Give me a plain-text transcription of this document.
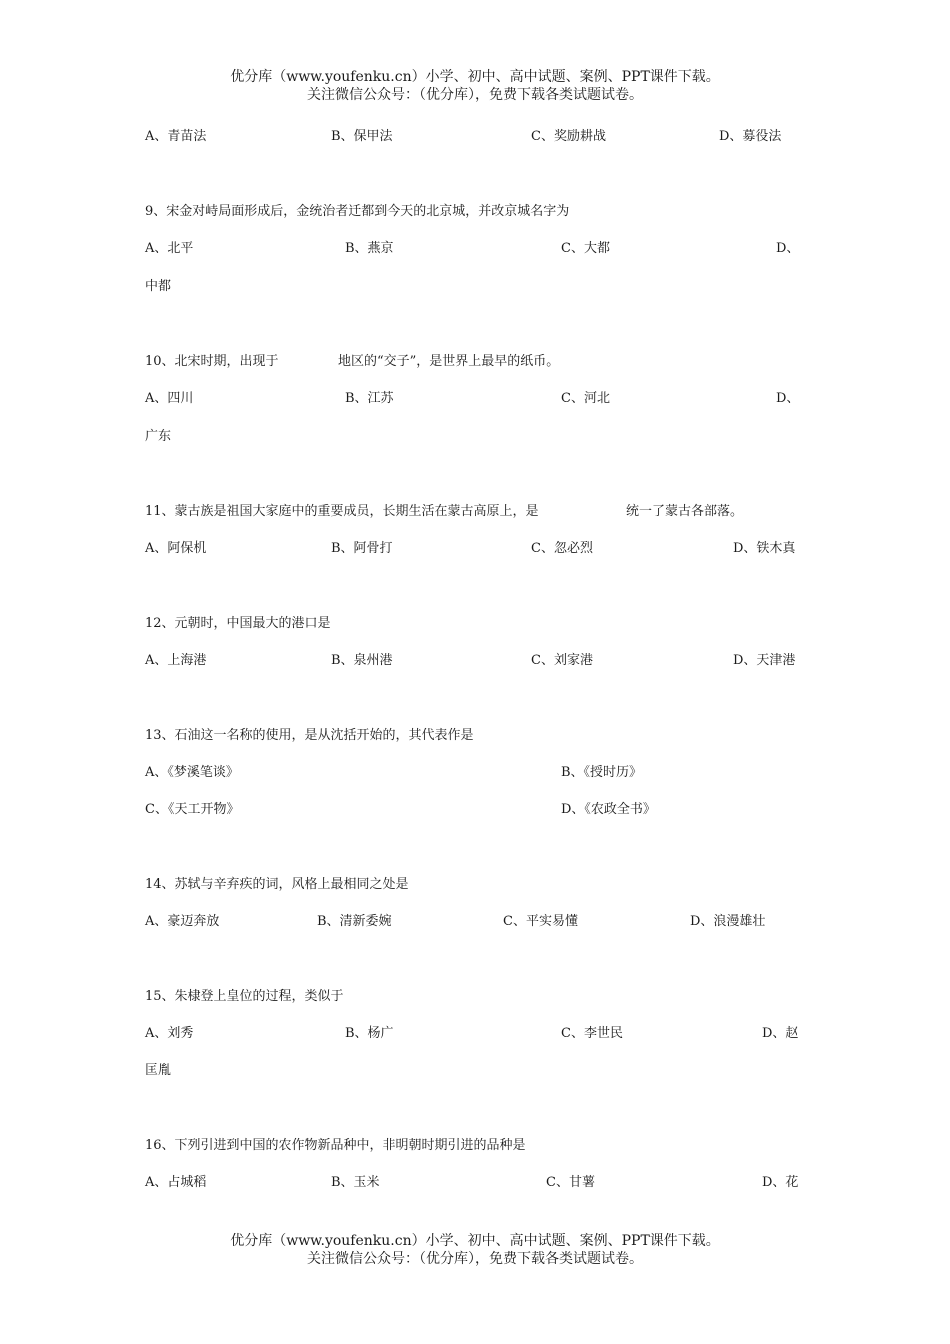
优分库（www.youfenku.cn）小学、初中、高中试题、案例、PPT课件下载。
关注微信公众号：（优分库），免费下载各类试题试卷。
A、青苗法	B、保甲法	C、奖励耕战	D、募役法
9、宋金对峙局面形成后，金统治者迁都到今天的北京城，并改京城名字为
A、北平	B、燕京	C、大都	D、
中都
10、北宋时期，出现于	地区的“交子”，是世界上最早的纸币。
A、四川	B、江苏	C、河北	D、
广东
11、蒙古族是祖国大家庭中的重要成员，长期生活在蒙古高原上，是	统一了蒙古各部落。
A、阿保机	B、阿骨打	C、忽必烈	D、铁木真
12、元朝时，中国最大的港口是
A、上海港	B、泉州港	C、刘家港	D、天津港
13、石油这一名称的使用，是从沈括开始的，其代表作是
A、《梦溪笔谈》	B、《授时历》
C、《天工开物》	D、《农政全书》
14、苏轼与辛弃疾的词，风格上最相同之处是
A、豪迈奔放	B、清新委婉	C、平实易懂	D、浪漫雄壮
15、朱棣登上皇位的过程，类似于
A、刘秀	B、杨广	C、李世民	D、赵
匡胤
16、下列引进到中国的农作物新品种中，非明朝时期引进的品种是
A、占城稻	B、玉米	C、甘薯	D、花
优分库（www.youfenku.cn）小学、初中、高中试题、案例、PPT课件下载。
关注微信公众号：（优分库），免费下载各类试题试卷。
